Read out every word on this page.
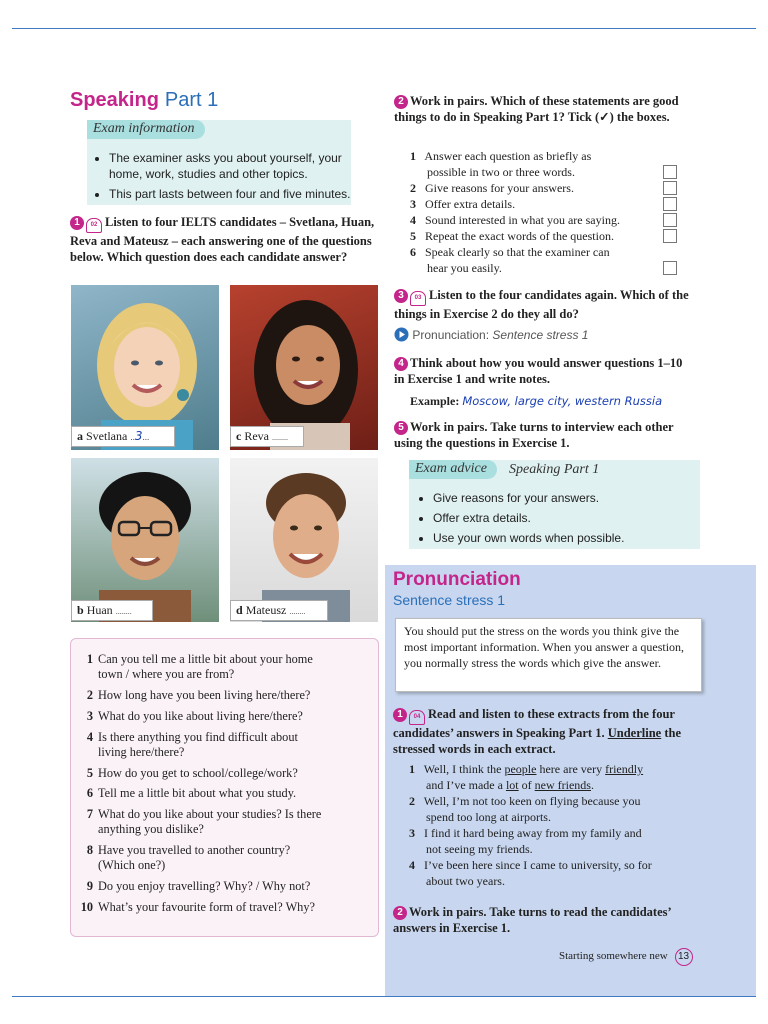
Speaking Part 1
Exam information
• The examiner asks you about yourself, your home, work, studies and other topics.
• This part lasts between four and five minutes.
1 02 Listen to four IELTS candidates – Svetlana, Huan, Reva and Mateusz – each answering one of the questions below. Which question does each candidate answer?
a Svetlana ..3...	c Reva ........
b Huan ........	d Mateusz ........
1 Can you tell me a little bit about your home
town / where you are from?
2 How long have you been living here/there?
3 What do you like about living here/there?
4 Is there anything you find difficult about
living here/there?
5 How do you get to school/college/work?
6 Tell me a little bit about what you study.
7 What do you like about your studies? Is there
anything you dislike?
8 Have you travelled to another country?
(Which one?)
9 Do you enjoy travelling? Why? / Why not?
10 What’s your favourite form of travel? Why?
2 Work in pairs. Which of these statements are good things to do in Speaking Part 1? Tick (✓) the boxes.
1 Answer each question as briefly as
possible in two or three words.
2 Give reasons for your answers.
3 Offer extra details.
4 Sound interested in what you are saying.
5 Repeat the exact words of the question.
6 Speak clearly so that the examiner can
hear you easily.
3 03 Listen to the four candidates again. Which of the things in Exercise 2 do they all do?
Pronunciation: Sentence stress 1
4 Think about how you would answer questions 1–10 in Exercise 1 and write notes.
Example: Moscow, large city, western Russia
5 Work in pairs. Take turns to interview each other using the questions in Exercise 1.
Exam advice	Speaking Part 1
• Give reasons for your answers.
• Offer extra details.
• Use your own words when possible.
Pronunciation
Sentence stress 1
You should put the stress on the words you think give the most important information. When you answer a question, you normally stress the words which give the answer.
1 04 Read and listen to these extracts from the four candidates’ answers in Speaking Part 1. Underline the stressed words in each extract.
1 Well, I think the people here are very friendly
and I’ve made a lot of new friends.
2 Well, I’m not too keen on flying because you
spend too long at airports.
3 I find it hard being away from my family and
not seeing my friends.
4 I’ve been here since I came to university, so for
about two years.
2 Work in pairs. Take turns to read the candidates’ answers in Exercise 1.
Starting somewhere new 13
